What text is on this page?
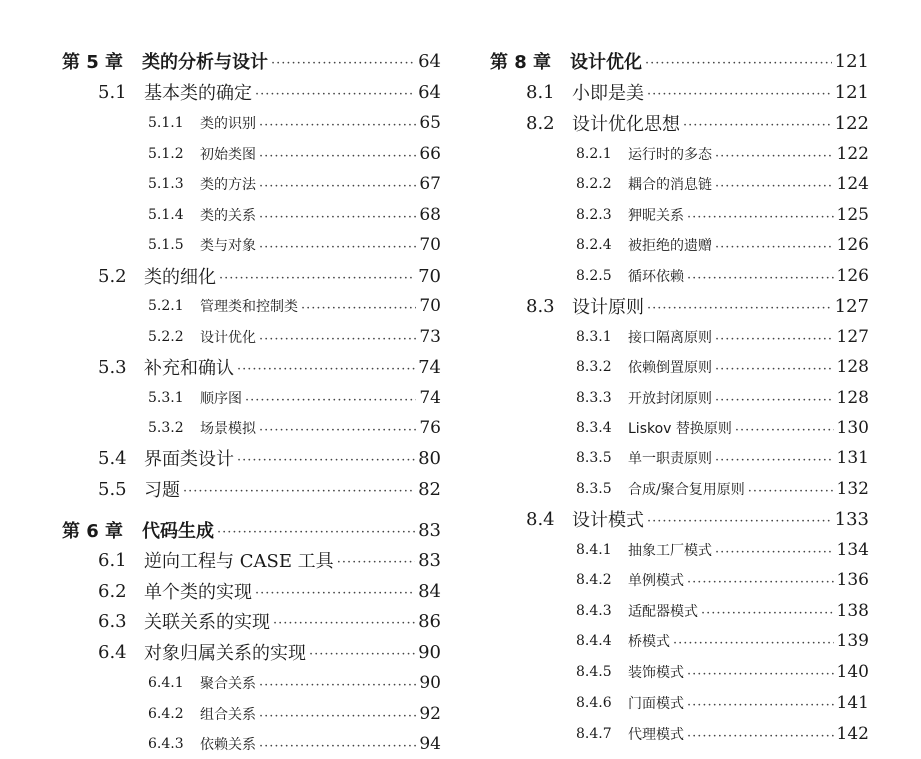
第 5 章	类的分析与设计 ·····	64
5.1 基本类的确定 ·····	64
5.1.1	类的识别 ·····	65
5.1.2	初始类图 ·····	66
5.1.3	类的方法 ·····	67
5.1.4	类的关系 ·····	68
5.1.5	类与对象 ·····	70
5.2 类的细化 ·····	70
5.2.1	管理类和控制类 ·····	70
5.2.2	设计优化 ·····	73
5.3 补充和确认 ·····	74
5.3.1	顺序图 ·····	74
5.3.2	场景模拟 ·····	76
5.4 界面类设计 ·····	80
5.5 习题 ·····	82
第 6 章	代码生成 ·····	83
6.1 逆向工程与 CASE 工具 ·····	83
6.2 单个类的实现 ·····	84
6.3 关联关系的实现 ·····	86
6.4 对象归属关系的实现 ·····	90
6.4.1	聚合关系 ·····	90
6.4.2	组合关系 ·····	92
6.4.3	依赖关系 ·····	94
第 8 章	设计优化 ·····	121
8.1 小即是美 ·····	121
8.2 设计优化思想 ·····	122
8.2.1	运行时的多态 ·····	122
8.2.2	耦合的消息链 ·····	124
8.2.3	狎昵关系 ·····	125
8.2.4	被拒绝的遗赠 ·····	126
8.2.5	循环依赖 ·····	126
8.3 设计原则 ·····	127
8.3.1	接口隔离原则 ·····	127
8.3.2	依赖倒置原则 ·····	128
8.3.3	开放封闭原则 ·····	128
8.3.4	Liskov 替换原则 ·····	130
8.3.5	单一职责原则 ·····	131
8.3.5	合成/聚合复用原则 ·····	132
8.4 设计模式 ·····	133
8.4.1	抽象工厂模式 ·····	134
8.4.2	单例模式 ·····	136
8.4.3	适配器模式 ·····	138
8.4.4	桥模式 ·····	139
8.4.5	装饰模式 ·····	140
8.4.6	门面模式 ·····	141
8.4.7	代理模式 ·····	142
